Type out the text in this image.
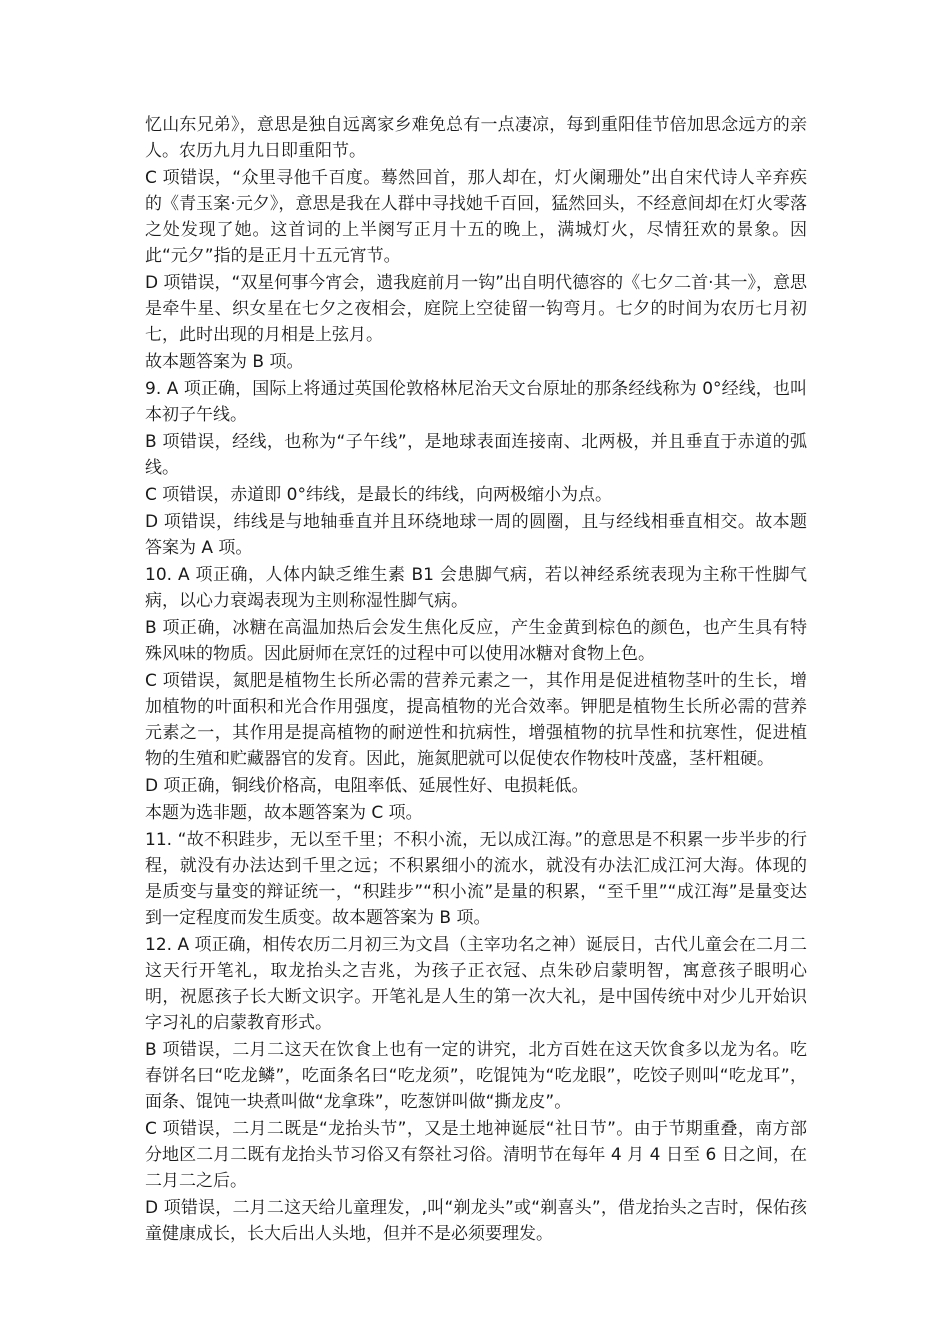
忆山东兄弟》，意思是独自远离家乡难免总有一点凄凉，每到重阳佳节倍加思念远方的亲人。农历九月九日即重阳节。

C 项错误，“众里寻他千百度。蓦然回首，那人却在，灯火阑珊处”出自宋代诗人辛弃疾的《青玉案·元夕》，意思是我在人群中寻找她千百回，猛然回头，不经意间却在灯火零落之处发现了她。这首词的上半阕写正月十五的晚上，满城灯火，尽情狂欢的景象。因此“元夕”指的是正月十五元宵节。

D 项错误，“双星何事今宵会，遗我庭前月一钩”出自明代德容的《七夕二首·其一》，意思是牵牛星、织女星在七夕之夜相会，庭院上空徒留一钩弯月。七夕的时间为农历七月初七，此时出现的月相是上弦月。

故本题答案为 B 项。

9. A 项正确，国际上将通过英国伦敦格林尼治天文台原址的那条经线称为 0°经线，也叫本初子午线。

B 项错误，经线，也称为“子午线”，是地球表面连接南、北两极，并且垂直于赤道的弧线。

C 项错误，赤道即 0°纬线，是最长的纬线，向两极缩小为点。

D 项错误，纬线是与地轴垂直并且环绕地球一周的圆圈，且与经线相垂直相交。故本题答案为 A 项。

10. A 项正确，人体内缺乏维生素 B1 会患脚气病，若以神经系统表现为主称干性脚气病，以心力衰竭表现为主则称湿性脚气病。

B 项正确，冰糖在高温加热后会发生焦化反应，产生金黄到棕色的颜色，也产生具有特殊风味的物质。因此厨师在烹饪的过程中可以使用冰糖对食物上色。

C 项错误，氮肥是植物生长所必需的营养元素之一，其作用是促进植物茎叶的生长，增加植物的叶面积和光合作用强度，提高植物的光合效率。钾肥是植物生长所必需的营养元素之一，其作用是提高植物的耐逆性和抗病性，增强植物的抗旱性和抗寒性，促进植物的生殖和贮藏器官的发育。因此，施氮肥就可以促使农作物枝叶茂盛，茎杆粗硬。

D 项正确，铜线价格高，电阻率低、延展性好、电损耗低。

本题为选非题，故本题答案为 C 项。

11. “故不积跬步，无以至千里；不积小流，无以成江海。”的意思是不积累一步半步的行程，就没有办法达到千里之远；不积累细小的流水，就没有办法汇成江河大海。体现的是质变与量变的辩证统一，“积跬步”“积小流”是量的积累，“至千里”“成江海”是量变达到一定程度而发生质变。故本题答案为 B 项。

12. A 项正确，相传农历二月初三为文昌（主宰功名之神）诞辰日，古代儿童会在二月二这天行开笔礼，取龙抬头之吉兆，为孩子正衣冠、点朱砂启蒙明智，寓意孩子眼明心明，祝愿孩子长大断文识字。开笔礼是人生的第一次大礼，是中国传统中对少儿开始识字习礼的启蒙教育形式。

B 项错误，二月二这天在饮食上也有一定的讲究，北方百姓在这天饮食多以龙为名。吃春饼名曰“吃龙鳞”，吃面条名曰“吃龙须”，吃馄饨为“吃龙眼”，吃饺子则叫“吃龙耳”，面条、馄饨一块煮叫做“龙拿珠”，吃葱饼叫做“撕龙皮”。

C 项错误，二月二既是“龙抬头节”，又是土地神诞辰“社日节”。由于节期重叠，南方部分地区二月二既有龙抬头节习俗又有祭社习俗。清明节在每年 4 月 4 日至 6 日之间，在二月二之后。

D 项错误，二月二这天给儿童理发，,叫“剃龙头”或“剃喜头”，借龙抬头之吉时，保佑孩童健康成长，长大后出人头地，但并不是必须要理发。
